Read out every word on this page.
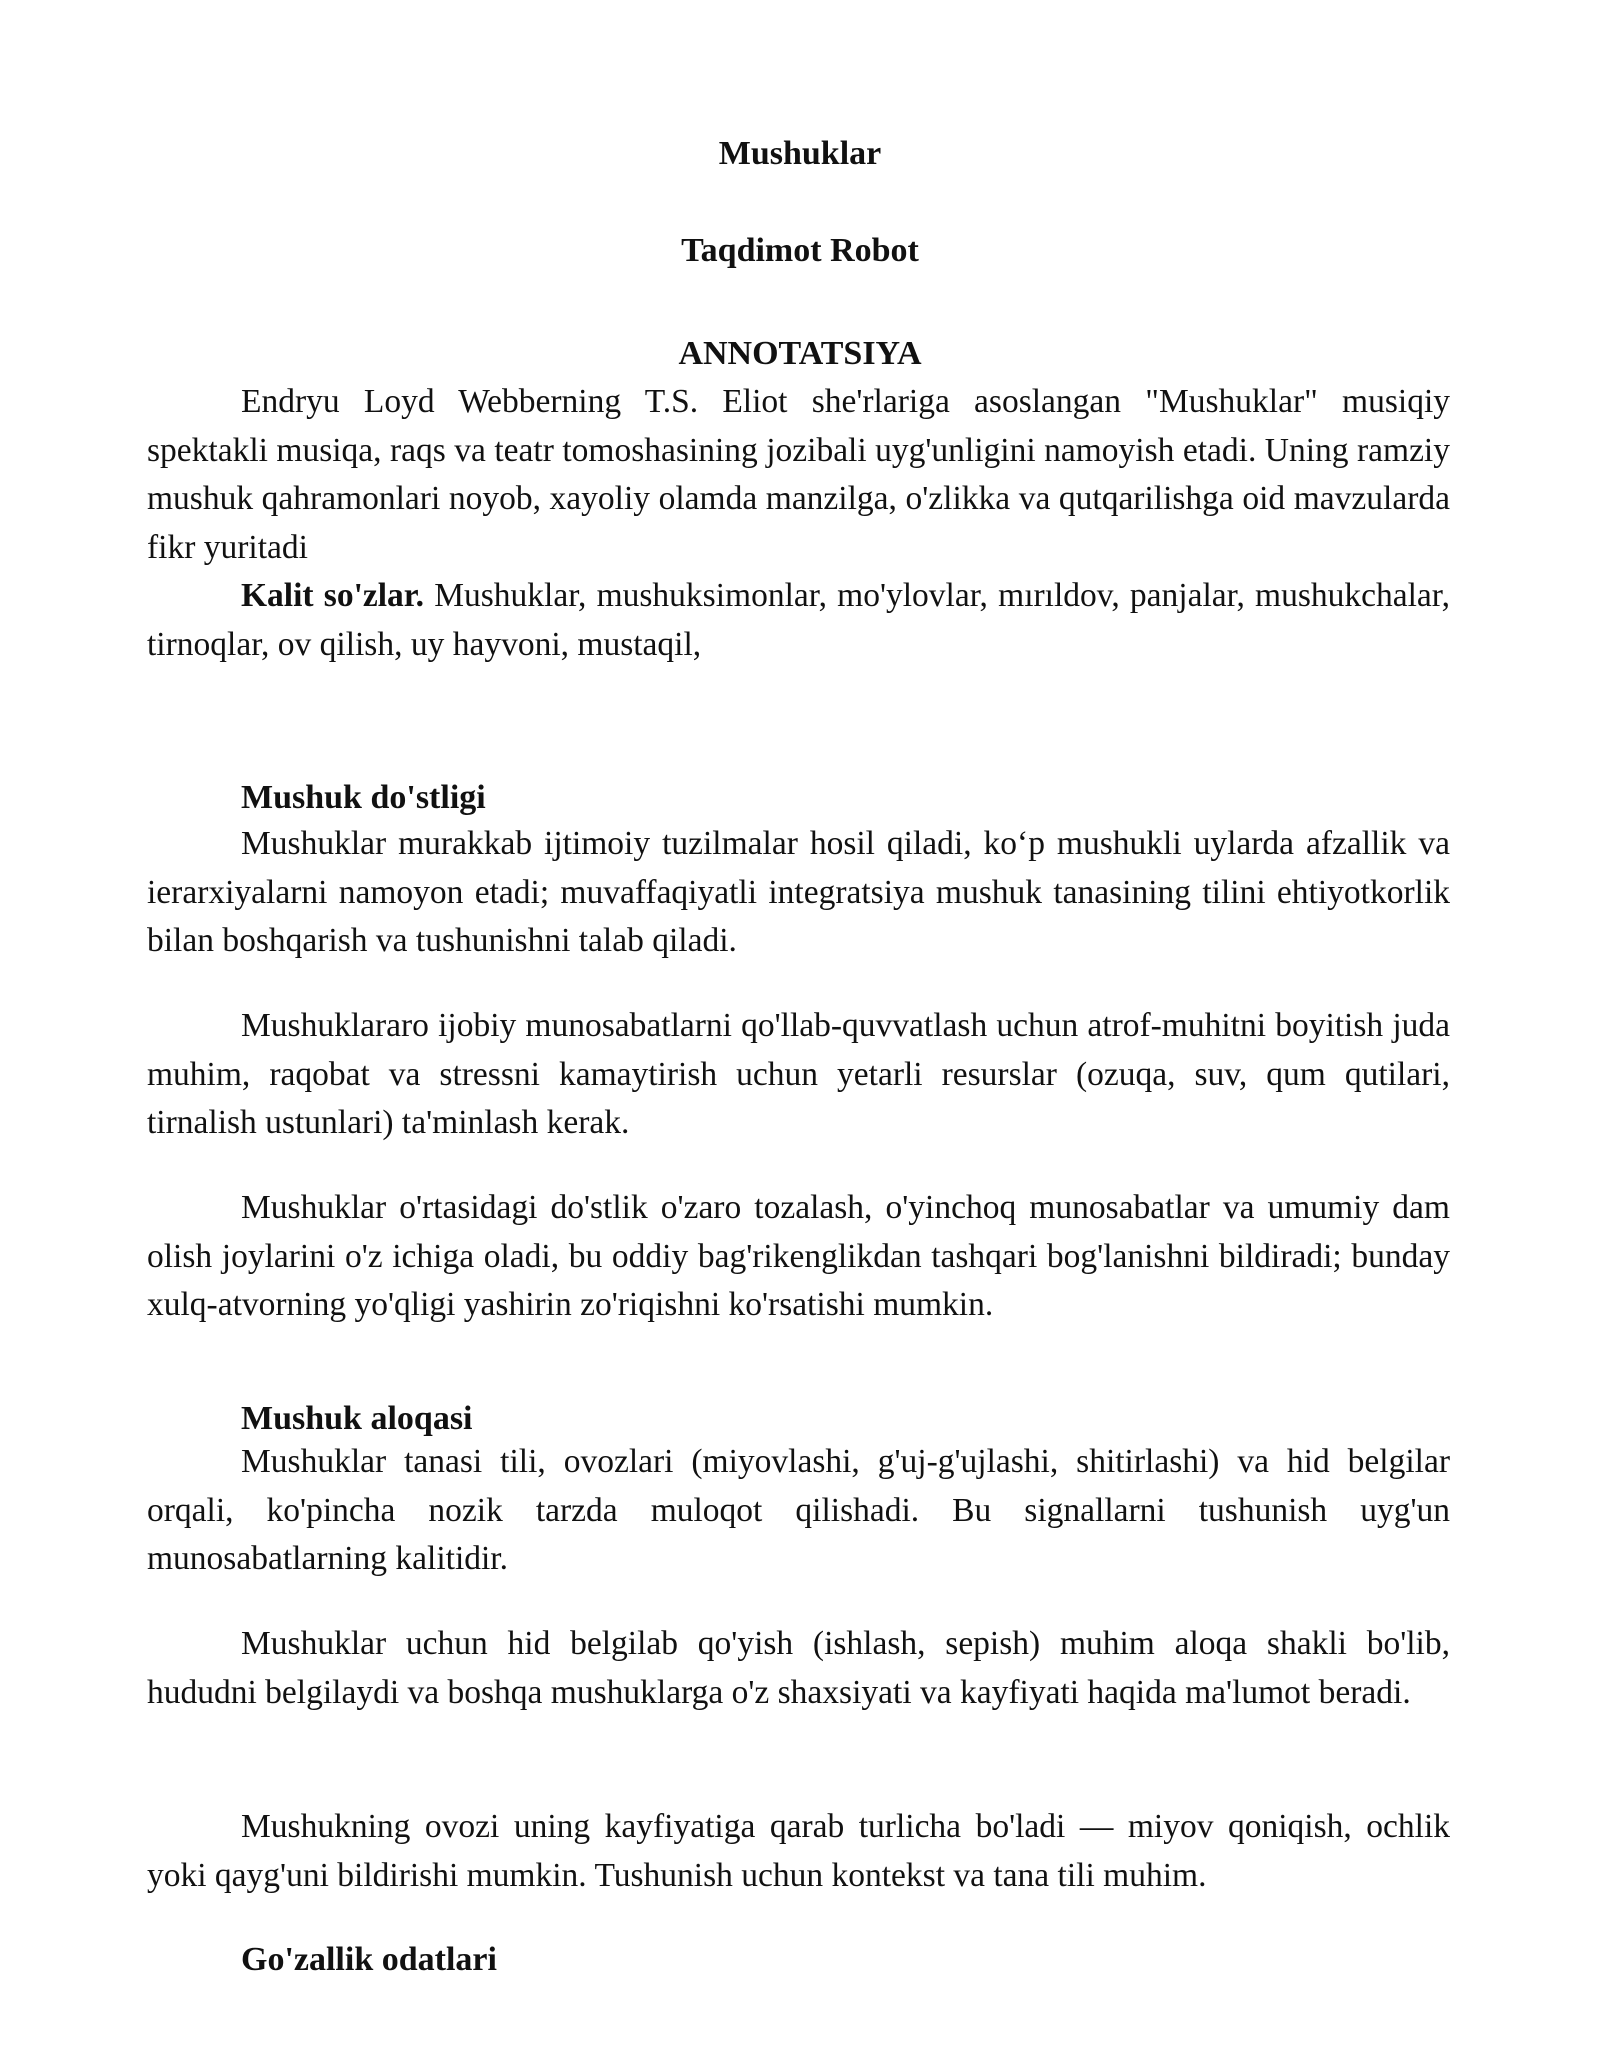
Mushuklar
Taqdimot Robot
ANNOTATSIYA
Endryu Loyd Webberning T.S. Eliot she'rlariga asoslangan "Mushuklar" musiqiy spektakli musiqa, raqs va teatr tomoshasining jozibali uyg'unligini namoyish etadi. Uning ramziy mushuk qahramonlari noyob, xayoliy olamda manzilga, o'zlikka va qutqarilishga oid mavzularda fikr yuritadi
Kalit so'zlar. Mushuklar, mushuksimonlar, mo'ylovlar, mırıldov, panjalar, mushukchalar, tirnoqlar, ov qilish, uy hayvoni, mustaqil,
Mushuk do'stligi
Mushuklar murakkab ijtimoiy tuzilmalar hosil qiladi, ko‘p mushukli uylarda afzallik va ierarxiyalarni namoyon etadi; muvaffaqiyatli integratsiya mushuk tanasining tilini ehtiyotkorlik bilan boshqarish va tushunishni talab qiladi.
Mushuklararo ijobiy munosabatlarni qo'llab-quvvatlash uchun atrof-muhitni boyitish juda muhim, raqobat va stressni kamaytirish uchun yetarli resurslar (ozuqa, suv, qum qutilari, tirnalish ustunlari) ta'minlash kerak.
Mushuklar o'rtasidagi do'stlik o'zaro tozalash, o'yinchoq munosabatlar va umumiy dam olish joylarini o'z ichiga oladi, bu oddiy bag'rikenglikdan tashqari bog'lanishni bildiradi; bunday xulq-atvorning yo'qligi yashirin zo'riqishni ko'rsatishi mumkin.
Mushuk aloqasi
Mushuklar tanasi tili, ovozlari (miyovlashi, g'uj-g'ujlashi, shitirlashi) va hid belgilar orqali, ko'pincha nozik tarzda muloqot qilishadi. Bu signallarni tushunish uyg'un munosabatlarning kalitidir.
Mushuklar uchun hid belgilab qo'yish (ishlash, sepish) muhim aloqa shakli bo'lib, hududni belgilaydi va boshqa mushuklarga o'z shaxsiyati va kayfiyati haqida ma'lumot beradi.
Mushukning ovozi uning kayfiyatiga qarab turlicha bo'ladi — miyov qoniqish, ochlik yoki qayg'uni bildirishi mumkin. Tushunish uchun kontekst va tana tili muhim.
Go'zallik odatlari
